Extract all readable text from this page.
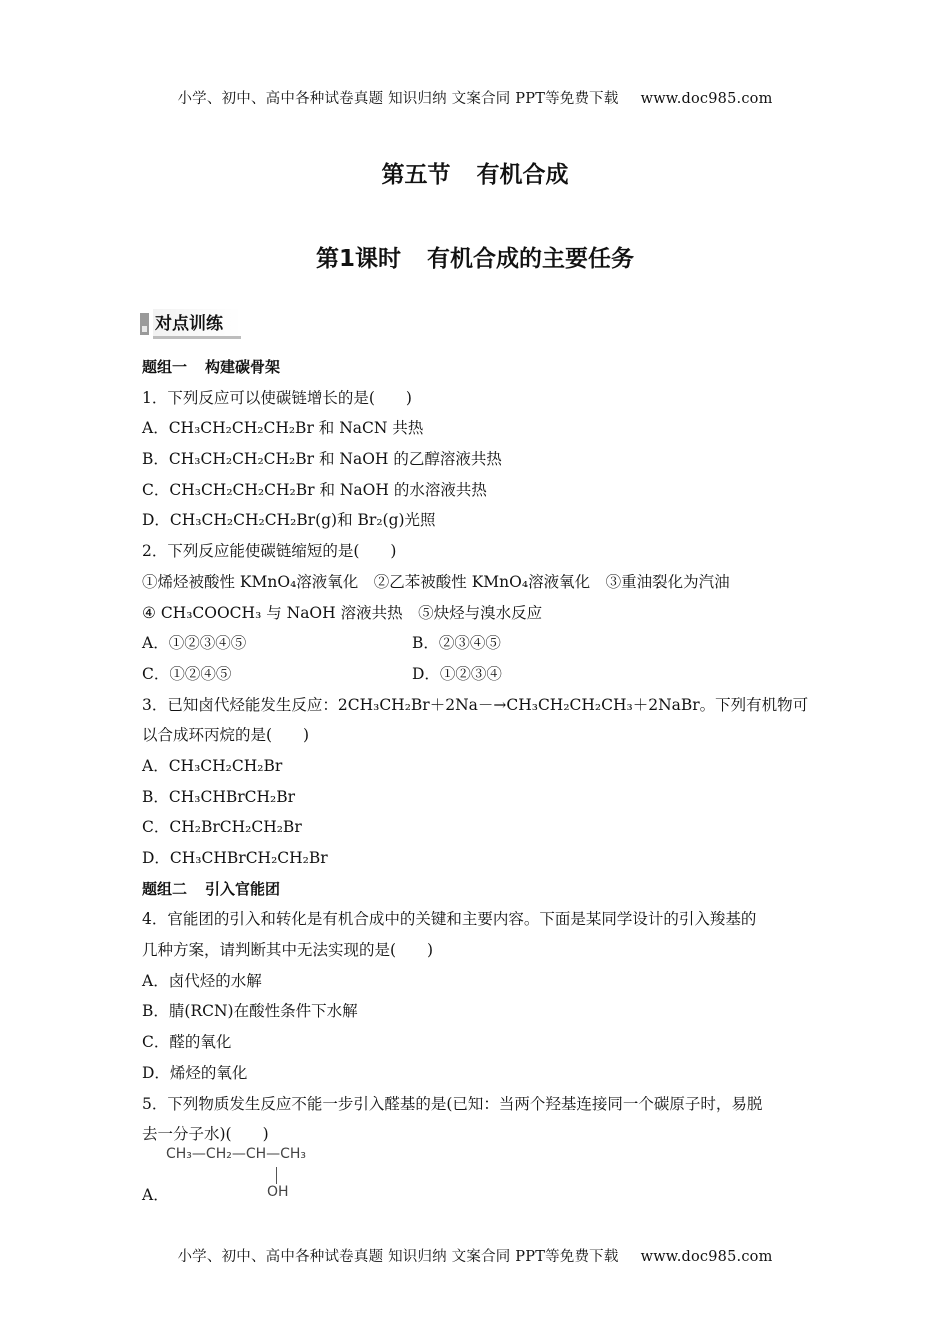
小学、初中、高中各种试卷真题 知识归纳 文案合同 PPT等免费下载 www.doc985.com
第五节 有机合成
第1课时 有机合成的主要任务
对点训练
题组一 构建碳骨架
1．下列反应可以使碳链增长的是(　　)
A．CH₃CH₂CH₂CH₂Br 和 NaCN 共热
B．CH₃CH₂CH₂CH₂Br 和 NaOH 的乙醇溶液共热
C．CH₃CH₂CH₂CH₂Br 和 NaOH 的水溶液共热
D．CH₃CH₂CH₂CH₂Br(g)和 Br₂(g)光照
2．下列反应能使碳链缩短的是(　　)
①烯烃被酸性 KMnO₄溶液氧化　②乙苯被酸性 KMnO₄溶液氧化　③重油裂化为汽油
④ CH₃COOCH₃ 与 NaOH 溶液共热　⑤炔烃与溴水反应
A．①②③④⑤	B．②③④⑤
C．①②④⑤	D．①②③④
3．已知卤代烃能发生反应：2CH₃CH₂Br＋2Na－→CH₃CH₂CH₂CH₃＋2NaBr。下列有机物可
以合成环丙烷的是(　　)
A．CH₃CH₂CH₂Br
B．CH₃CHBrCH₂Br
C．CH₂BrCH₂CH₂Br
D．CH₃CHBrCH₂CH₂Br
题组二 引入官能团
4．官能团的引入和转化是有机合成中的关键和主要内容。下面是某同学设计的引入羧基的
几种方案，请判断其中无法实现的是(　　)
A．卤代烃的水解
B．腈(RCN)在酸性条件下水解
C．醛的氧化
D．烯烃的氧化
5．下列物质发生反应不能一步引入醛基的是(已知：当两个羟基连接同一个碳原子时，易脱
去一分子水)(　　)
CH₃—CH₂—CH—CH₃
OH
A．
小学、初中、高中各种试卷真题 知识归纳 文案合同 PPT等免费下载 www.doc985.com
